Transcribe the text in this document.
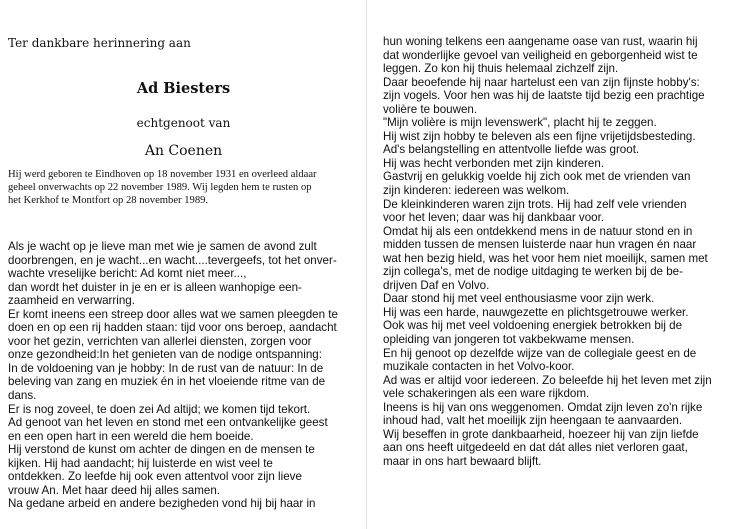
Ter dankbare herinnering aan

Ad Biesters

echtgenoot van

An Coenen

Hij werd geboren te Eindhoven op 18 november 1931 en overleed aldaar

geheel onverwachts op 22 november 1989. Wij legden hem te rusten op

het Kerkhof te Montfort op 28 november 1989.

Als je wacht op je lieve man met wie je samen de avond zult

doorbrengen, en je wacht...en wacht....tevergeefs, tot het onver-

wachte vreselijke bericht: Ad komt niet meer...,

dan wordt het duister in je en er is alleen wanhopige een-

zaamheid en verwarring.

Er komt ineens een streep door alles wat we samen pleegden te

doen en op een rij hadden staan: tijd voor ons beroep, aandacht

voor het gezin, verrichten van allerlei diensten, zorgen voor

onze gezondheid:In het genieten van de nodige ontspanning:

In de voldoening van je hobby: In de rust van de natuur: In de

beleving van zang en muziek én in het vloeiende ritme van de

dans.

Er is nog zoveel, te doen zei Ad altijd; we komen tijd tekort.

Ad genoot van het leven en stond met een ontvankelijke geest

en een open hart in een wereld die hem boeide.

Hij verstond de kunst om achter de dingen en de mensen te

kijken. Hij had aandacht; hij luisterde en wist veel te

ontdekken. Zo leefde hij ook even attentvol voor zijn lieve

vrouw An. Met haar deed hij alles samen.

Na gedane arbeid en andere bezigheden vond hij bij haar in

hun woning telkens een aangename oase van rust, waarin hij

dat wonderlijke gevoel van veiligheid en geborgenheid wist te

leggen. Zo kon hij thuis helemaal zichzelf zijn.

Daar beoefende hij naar hartelust een van zijn fijnste hobby's:

zijn vogels. Voor hen was hij de laatste tijd bezig een prachtige

volière te bouwen.

"Mijn volière is mijn levenswerk", placht hij te zeggen.

Hij wist zijn hobby te beleven als een fijne vrijetijdsbesteding.

Ad's belangstelling en attentvolle liefde was groot.

Hij was hecht verbonden met zijn kinderen.

Gastvrij en gelukkig voelde hij zich ook met de vrienden van

zijn kinderen: iedereen was welkom.

De kleinkinderen waren zijn trots. Hij had zelf vele vrienden

voor het leven; daar was hij dankbaar voor.

Omdat hij als een ontdekkend mens in de natuur stond en in

midden tussen de mensen luisterde naar hun vragen én naar

wat hen bezig hield, was het voor hem niet moeilijk, samen met

zijn collega's, met de nodige uitdaging te werken bij de be-

drijven Daf en Volvo.

Daar stond hij met veel enthousiasme voor zijn werk.

Hij was een harde, nauwgezette en plichtsgetrouwe werker.

Ook was hij met veel voldoening energiek betrokken bij de

opleiding van jongeren tot vakbekwame mensen.

En hij genoot op dezelfde wijze van de collegiale geest en de

muzikale contacten in het Volvo-koor.

Ad was er altijd voor iedereen. Zo beleefde hij het leven met zijn

vele schakeringen als een ware rijkdom.

Ineens is hij van ons weggenomen. Omdat zijn leven zo'n rijke

inhoud had, valt het moeilijk zijn heengaan te aanvaarden.

Wij beseffen in grote dankbaarheid, hoezeer hij van zijn liefde

aan ons heeft uitgedeeld en dat dát alles niet verloren gaat,

maar in ons hart bewaard blijft.
